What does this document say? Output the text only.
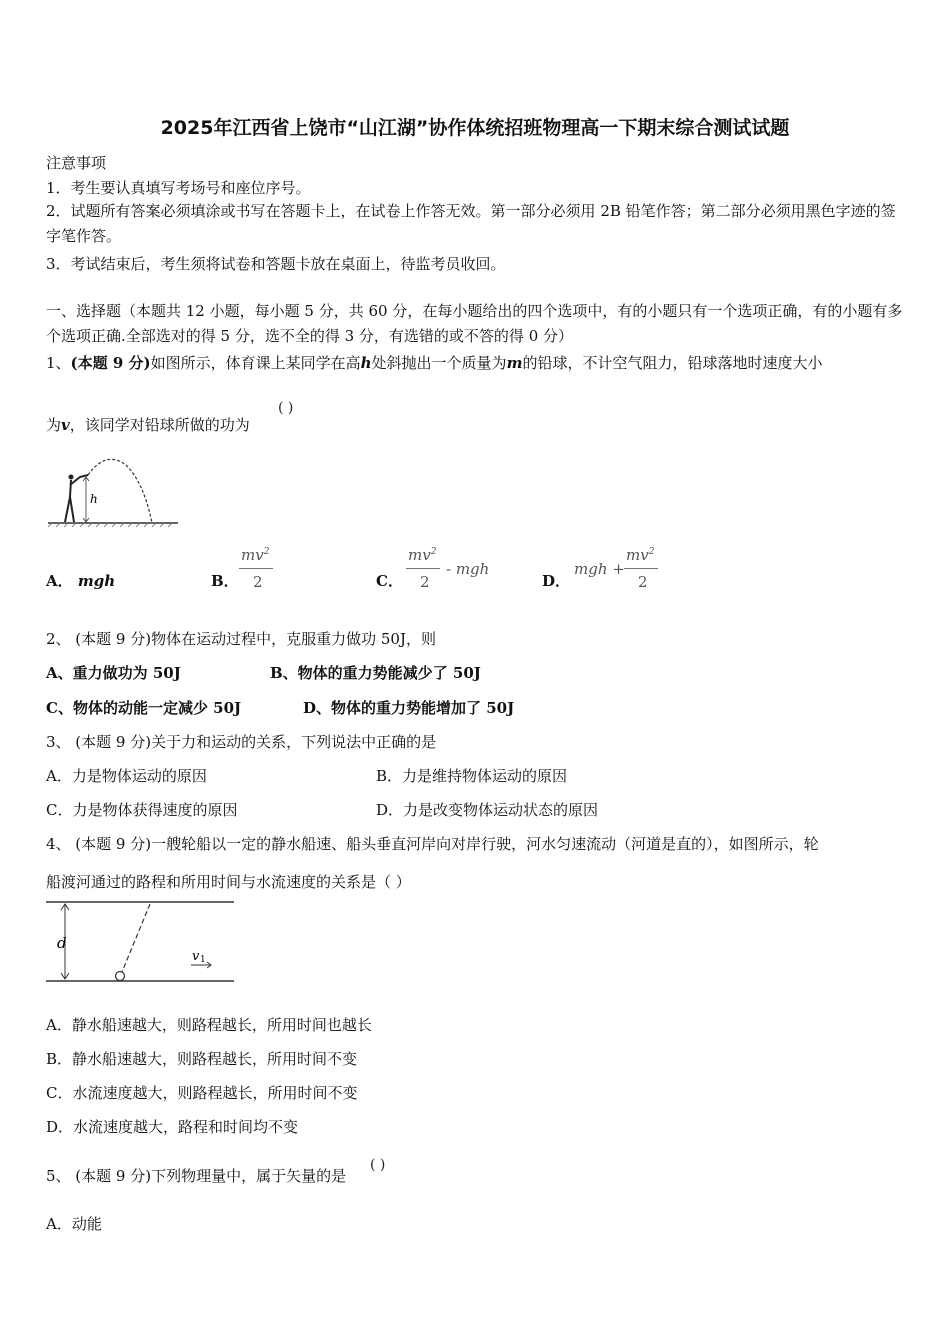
2025年江西省上饶市“山江湖”协作体统招班物理高一下期末综合测试试题
注意事项
1．考生要认真填写考场号和座位序号。
2．试题所有答案必须填涂或书写在答题卡上，在试卷上作答无效。第一部分必须用 2B 铅笔作答；第二部分必须用黑色字迹的签字笔作答。
3．考试结束后，考生须将试卷和答题卡放在桌面上，待监考员收回。
一、选择题（本题共 12 小题，每小题 5 分，共 60 分，在每小题给出的四个选项中，有的小题只有一个选项正确，有的小题有多个选项正确.全部选对的得 5 分，选不全的得 3 分，有选错的或不答的得 0 分）
1、(本题 9 分)如图所示，体育课上某同学在高h处斜抛出一个质量为m的铅球，不计空气阻力，铅球落地时速度大小
为v，该同学对铅球所做的功为
( )
h
A． mgh	B．
$mv^2$
2	C．
$mv^2$
2
- mgh
D．
mgh +
$mv^2$
2
2、 (本题 9 分)物体在运动过程中，克服重力做功 50J，则
A、重力做功为 50J	B、物体的重力势能减少了 50J
C、物体的动能一定减少 50J	D、物体的重力势能增加了 50J
3、 (本题 9 分)关于力和运动的关系，下列说法中正确的是
A．力是物体运动的原因	B．力是维持物体运动的原因
C．力是物体获得速度的原因	D．力是改变物体运动状态的原因
4、 (本题 9 分)一艘轮船以一定的静水船速、船头垂直河岸向对岸行驶，河水匀速流动（河道是直的），如图所示，轮
船渡河通过的路程和所用时间与水流速度的关系是（ ）
d
v 1
A．静水船速越大，则路程越长，所用时间也越长
B．静水船速越大，则路程越长，所用时间不变
C．水流速度越大，则路程越长，所用时间不变
D．水流速度越大，路程和时间均不变
5、 (本题 9 分)下列物理量中，属于矢量的是
( )
A．动能
